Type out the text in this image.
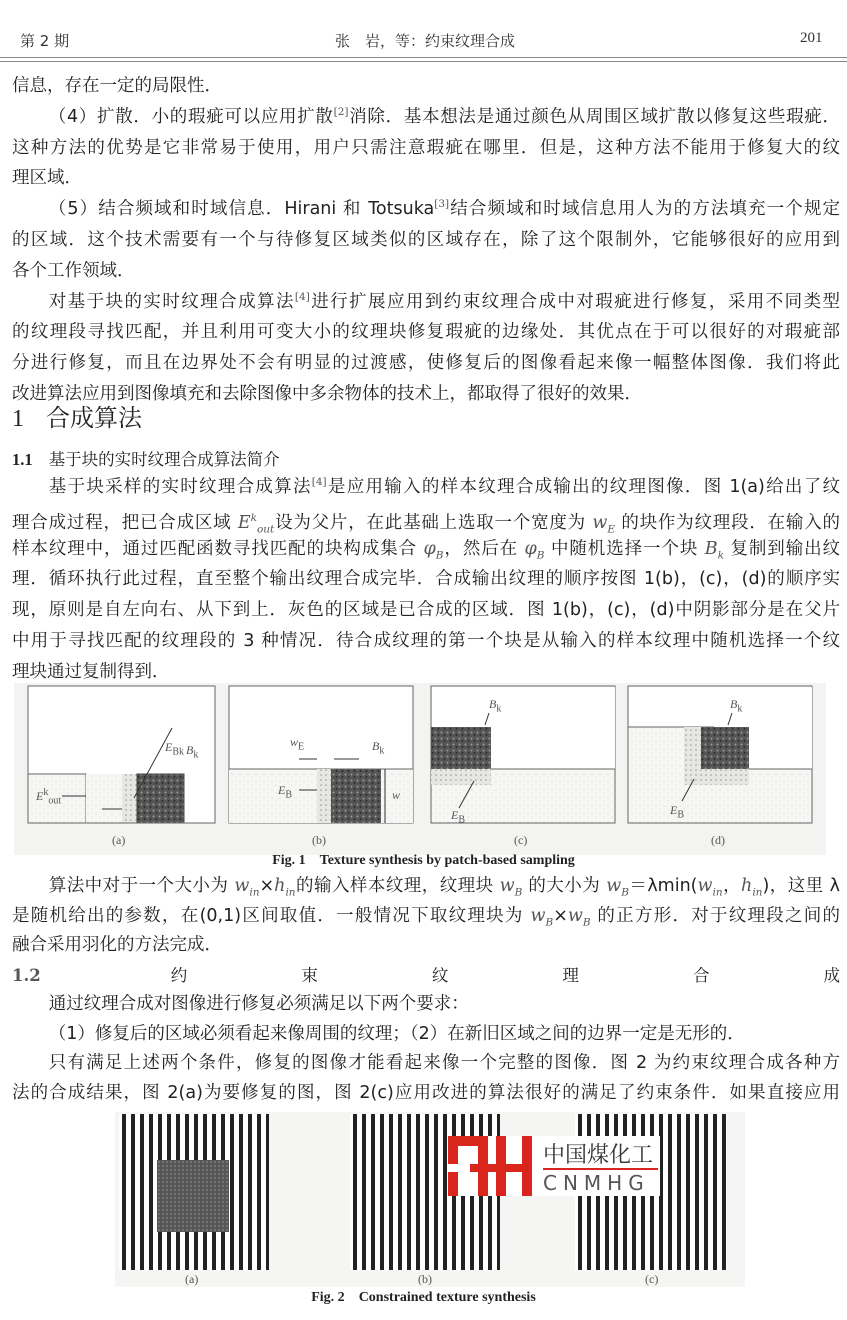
第 2 期	张　岩，等：约束纹理合成	201
信息，存在一定的局限性．
（4）扩散．小的瑕疵可以应用扩散[2]消除．基本想法是通过颜色从周围区域扩散以修复这些瑕疵．
这种方法的优势是它非常易于使用，用户只需注意瑕疵在哪里．但是，这种方法不能用于修复大的纹
理区域．
（5）结合频域和时域信息．Hirani 和 Totsuka[3]结合频域和时域信息用人为的方法填充一个规定
的区域．这个技术需要有一个与待修复区域类似的区域存在，除了这个限制外，它能够很好的应用到
各个工作领域．
对基于块的实时纹理合成算法[4]进行扩展应用到约束纹理合成中对瑕疵进行修复，采用不同类型
的纹理段寻找匹配，并且利用可变大小的纹理块修复瑕疵的边缘处．其优点在于可以很好的对瑕疵部
分进行修复，而且在边界处不会有明显的过渡感，使修复后的图像看起来像一幅整体图像．我们将此
改进算法应用到图像填充和去除图像中多余物体的技术上，都取得了很好的效果．
1 合成算法
1.1 基于块的实时纹理合成算法简介
基于块采样的实时纹理合成算法[4]是应用输入的样本纹理合成输出的纹理图像．图 1(a)给出了纹
理合成过程，把已合成区域 $E^k_{out}$设为父片，在此基础上选取一个宽度为 $w_E$ 的块作为纹理段．在输入的
样本纹理中，通过匹配函数寻找匹配的块构成集合 $\varphi_B$，然后在 $\varphi_B$ 中随机选择一个块 $B_k$ 复制到输出纹
理．循环执行此过程，直至整个输出纹理合成完毕．合成输出纹理的顺序按图 1(b)，(c)，(d)的顺序实
现，原则是自左向右、从下到上．灰色的区域是已合成的区域．图 1(b)，(c)，(d)中阴影部分是在父片
中用于寻找匹配的纹理段的 3 种情况．待合成纹理的第一个块是从输入的样本纹理中随机选择一个纹
理块通过复制得到．
$E_{Bk}$ $B_k$
$E^k_{out}$
$w_E$	$B_k$
$E_B$	w
$B_k$
$E_B$
$B_k$
$E_B$
(a)	(b)	(c)	(d)
Fig. 1 Texture synthesis by patch-based sampling
算法中对于一个大小为 $w_{in}\times h_{in}$的输入样本纹理，纹理块 $w_B$ 的大小为 $w_B=\lambda\min(w_{in}$，$h_{in}$)，这里 λ
是随机给出的参数，在(0,1)区间取值．一般情况下取纹理块为 $w_B\times w_B$ 的正方形．对于纹理段之间的
融合采用羽化的方法完成．
1.2 约束纹理合成
通过纹理合成对图像进行修复必须满足以下两个要求：
（1）修复后的区域必须看起来像周围的纹理；（2）在新旧区域之间的边界一定是无形的．
只有满足上述两个条件，修复的图像才能看起来像一个完整的图像．图 2 为约束纹理合成各种方
法的合成结果，图 2(a)为要修复的图，图 2(c)应用改进的算法很好的满足了约束条件．如果直接应用
(a)	(b)	(c)
中国煤化工
CNMHG
Fig. 2 Constrained texture synthesis
